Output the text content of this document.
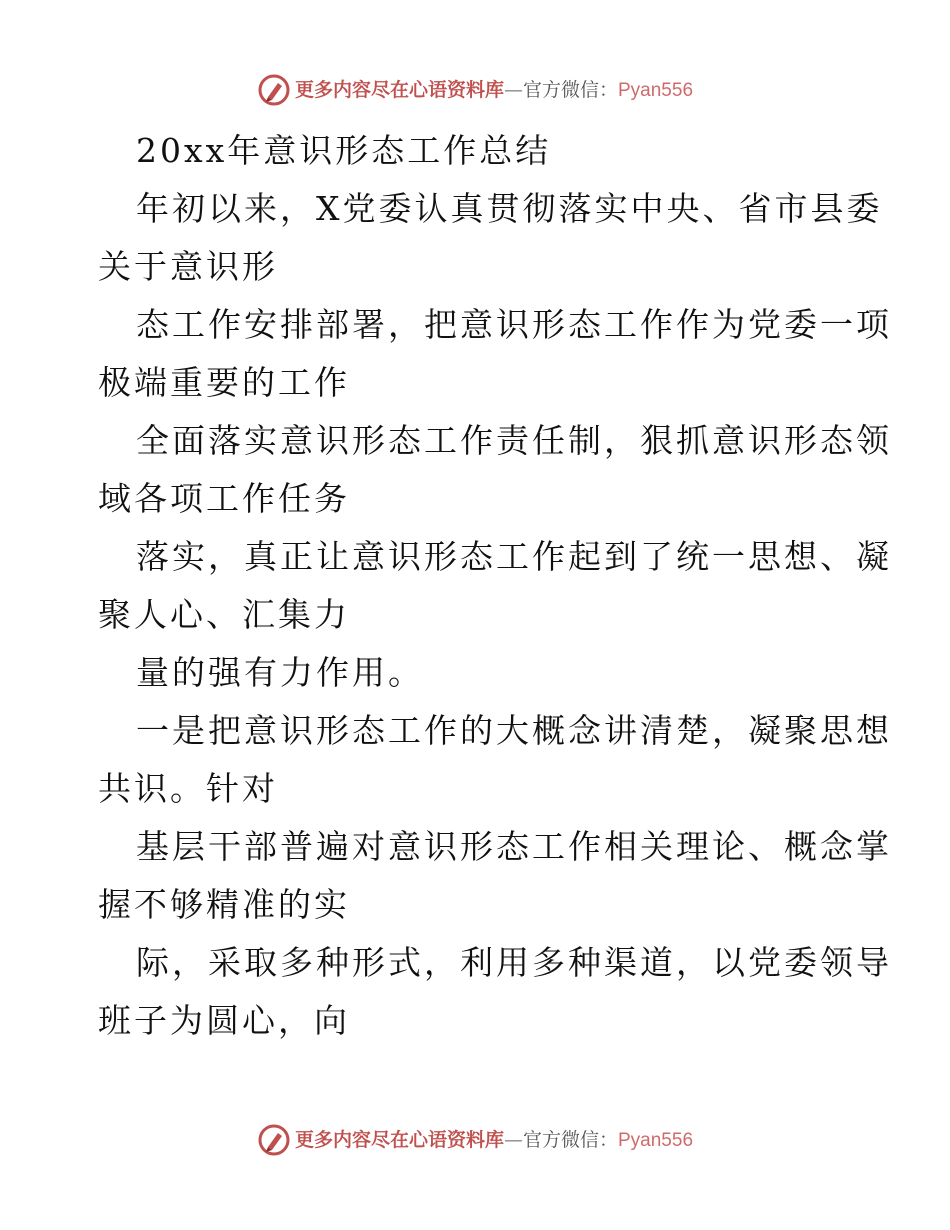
更多内容尽在心语资料库 — 官方微信： Pyan556
20xx年意识形态工作总结
年初以来，X党委认真贯彻落实中央、省市县委
关于意识形
态工作安排部署，把意识形态工作作为党委一项
极端重要的工作
全面落实意识形态工作责任制，狠抓意识形态领
域各项工作任务
落实，真正让意识形态工作起到了统一思想、凝
聚人心、汇集力
量的强有力作用。
一是把意识形态工作的大概念讲清楚，凝聚思想
共识。针对
基层干部普遍对意识形态工作相关理论、概念掌
握不够精准的实
际，采取多种形式，利用多种渠道，以党委领导
班子为圆心，向
更多内容尽在心语资料库 — 官方微信： Pyan556
